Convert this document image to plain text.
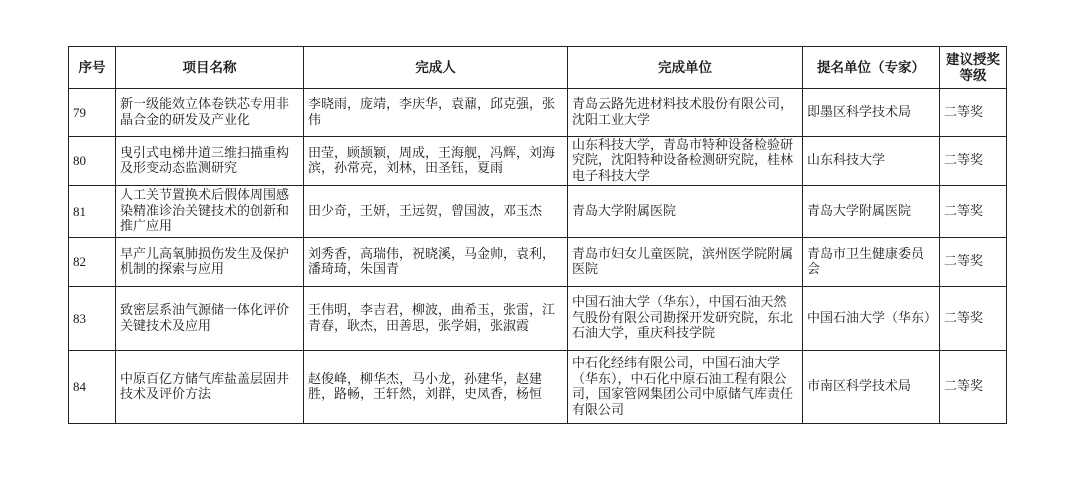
序号	项目名称	完成人	完成单位	提名单位（专家）	建议授奖等级
79	新一级能效立体卷铁芯专用非晶合金的研发及产业化	李晓雨，庞靖，李庆华，袁鼐，邱克强，张伟	青岛云路先进材料技术股份有限公司，沈阳工业大学	即墨区科学技术局	二等奖
80	曳引式电梯井道三维扫描重构及形变动态监测研究	田莹，顾颉颖，周成，王海舰，冯辉，刘海滨，孙常亮，刘林，田圣钰，夏雨	山东科技大学，青岛市特种设备检验研究院，沈阳特种设备检测研究院，桂林电子科技大学	山东科技大学	二等奖
81	人工关节置换术后假体周围感染精准诊治关键技术的创新和推广应用	田少奇，王妍，王远贺，曾国波，邓玉杰	青岛大学附属医院	青岛大学附属医院	二等奖
82	早产儿高氧肺损伤发生及保护机制的探索与应用	刘秀香，高瑞伟，祝晓溪，马金帅，袁利，潘琦琦，朱国青	青岛市妇女儿童医院，滨州医学院附属医院	青岛市卫生健康委员会	二等奖
83	致密层系油气源储一体化评价关键技术及应用	王伟明，李吉君，柳波，曲希玉，张雷，江青春，耿杰，田善思，张学娟，张淑霞	中国石油大学（华东），中国石油天然气股份有限公司勘探开发研究院，东北石油大学，重庆科技学院	中国石油大学（华东）	二等奖
84	中原百亿方储气库盐盖层固井技术及评价方法	赵俊峰，柳华杰，马小龙，孙建华，赵建胜，路畅，王轩然，刘群，史凤香，杨恒	中石化经纬有限公司，中国石油大学（华东），中石化中原石油工程有限公司，国家管网集团公司中原储气库责任有限公司	市南区科学技术局	二等奖
